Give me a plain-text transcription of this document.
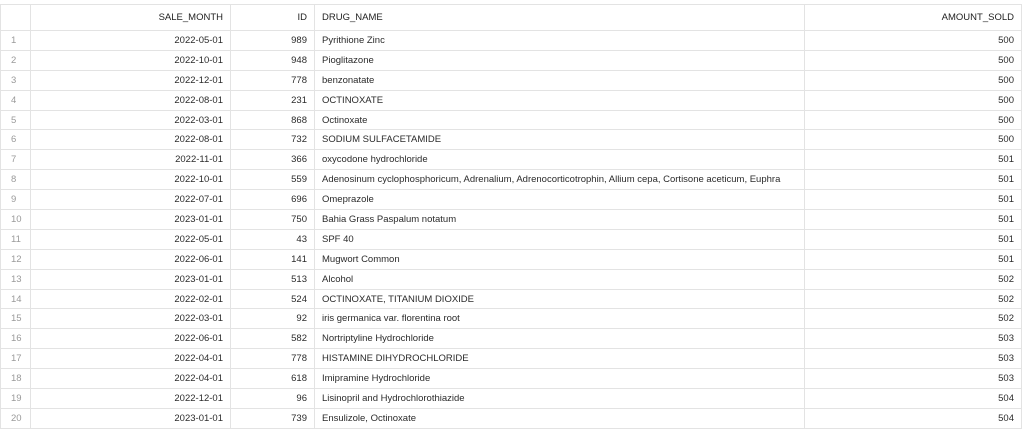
	SALE_MONTH	ID	DRUG_NAME	AMOUNT_SOLD
1	2022-05-01	989	Pyrithione Zinc	500
2	2022-10-01	948	Pioglitazone	500
3	2022-12-01	778	benzonatate	500
4	2022-08-01	231	OCTINOXATE	500
5	2022-03-01	868	Octinoxate	500
6	2022-08-01	732	SODIUM SULFACETAMIDE	500
7	2022-11-01	366	oxycodone hydrochloride	501
8	2022-10-01	559	Adenosinum cyclophosphoricum, Adrenalium, Adrenocorticotrophin, Allium cepa, Cortisone aceticum, Euphra	501
9	2022-07-01	696	Omeprazole	501
10	2023-01-01	750	Bahia Grass Paspalum notatum	501
11	2022-05-01	43	SPF 40	501
12	2022-06-01	141	Mugwort Common	501
13	2023-01-01	513	Alcohol	502
14	2022-02-01	524	OCTINOXATE, TITANIUM DIOXIDE	502
15	2022-03-01	92	iris germanica var. florentina root	502
16	2022-06-01	582	Nortriptyline Hydrochloride	503
17	2022-04-01	778	HISTAMINE DIHYDROCHLORIDE	503
18	2022-04-01	618	Imipramine Hydrochloride	503
19	2022-12-01	96	Lisinopril and Hydrochlorothiazide	504
20	2023-01-01	739	Ensulizole, Octinoxate	504
